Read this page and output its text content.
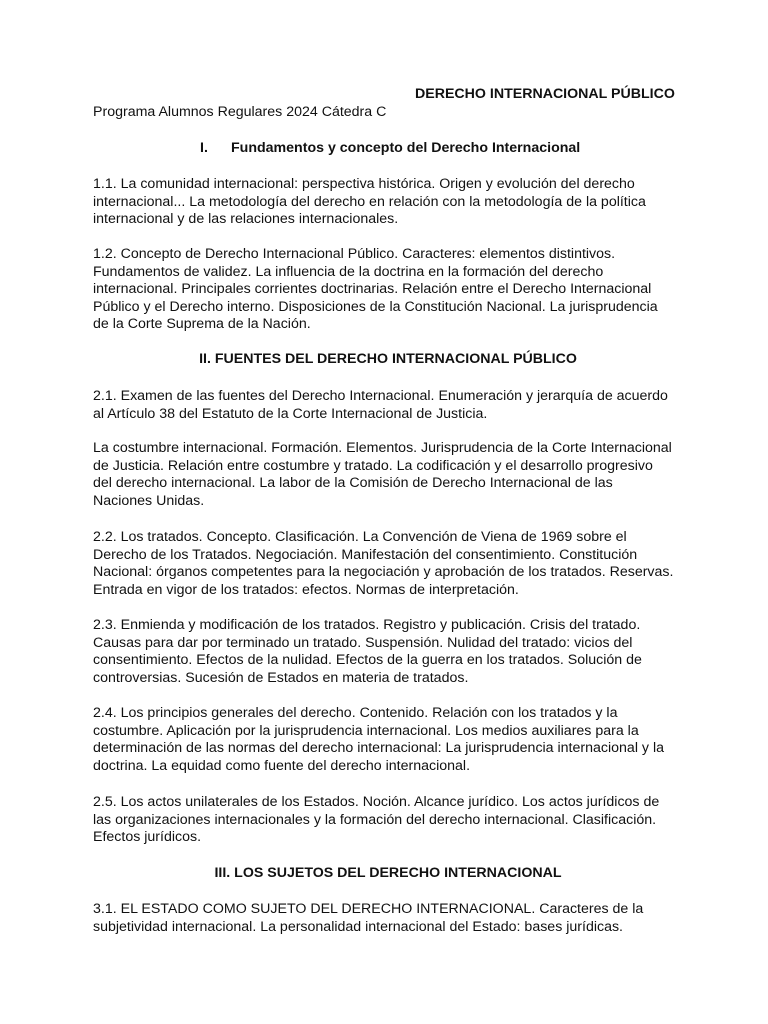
DERECHO INTERNACIONAL PÚBLICO
Programa Alumnos Regulares 2024 Cátedra C
I. Fundamentos y concepto del Derecho Internacional
1.1. La comunidad internacional: perspectiva histórica. Origen y evolución del derecho
internacional... La metodología del derecho en relación con la metodología de la política
internacional y de las relaciones internacionales.
1.2. Concepto de Derecho Internacional Público. Caracteres: elementos distintivos.
Fundamentos de validez. La influencia de la doctrina en la formación del derecho
internacional. Principales corrientes doctrinarias. Relación entre el Derecho Internacional
Público y el Derecho interno. Disposiciones de la Constitución Nacional. La jurisprudencia
de la Corte Suprema de la Nación.
II. FUENTES DEL DERECHO INTERNACIONAL PÚBLICO
2.1. Examen de las fuentes del Derecho Internacional. Enumeración y jerarquía de acuerdo
al Artículo 38 del Estatuto de la Corte Internacional de Justicia.
La costumbre internacional. Formación. Elementos. Jurisprudencia de la Corte Internacional
de Justicia. Relación entre costumbre y tratado. La codificación y el desarrollo progresivo
del derecho internacional. La labor de la Comisión de Derecho Internacional de las
Naciones Unidas.
2.2. Los tratados. Concepto. Clasificación. La Convención de Viena de 1969 sobre el
Derecho de los Tratados. Negociación. Manifestación del consentimiento. Constitución
Nacional: órganos competentes para la negociación y aprobación de los tratados. Reservas.
Entrada en vigor de los tratados: efectos. Normas de interpretación.
2.3. Enmienda y modificación de los tratados. Registro y publicación. Crisis del tratado.
Causas para dar por terminado un tratado. Suspensión. Nulidad del tratado: vicios del
consentimiento. Efectos de la nulidad. Efectos de la guerra en los tratados. Solución de
controversias. Sucesión de Estados en materia de tratados.
2.4. Los principios generales del derecho. Contenido. Relación con los tratados y la
costumbre. Aplicación por la jurisprudencia internacional. Los medios auxiliares para la
determinación de las normas del derecho internacional: La jurisprudencia internacional y la
doctrina. La equidad como fuente del derecho internacional.
2.5. Los actos unilaterales de los Estados. Noción. Alcance jurídico. Los actos jurídicos de
las organizaciones internacionales y la formación del derecho internacional. Clasificación.
Efectos jurídicos.
III. LOS SUJETOS DEL DERECHO INTERNACIONAL
3.1. EL ESTADO COMO SUJETO DEL DERECHO INTERNACIONAL. Caracteres de la
subjetividad internacional. La personalidad internacional del Estado: bases jurídicas.
